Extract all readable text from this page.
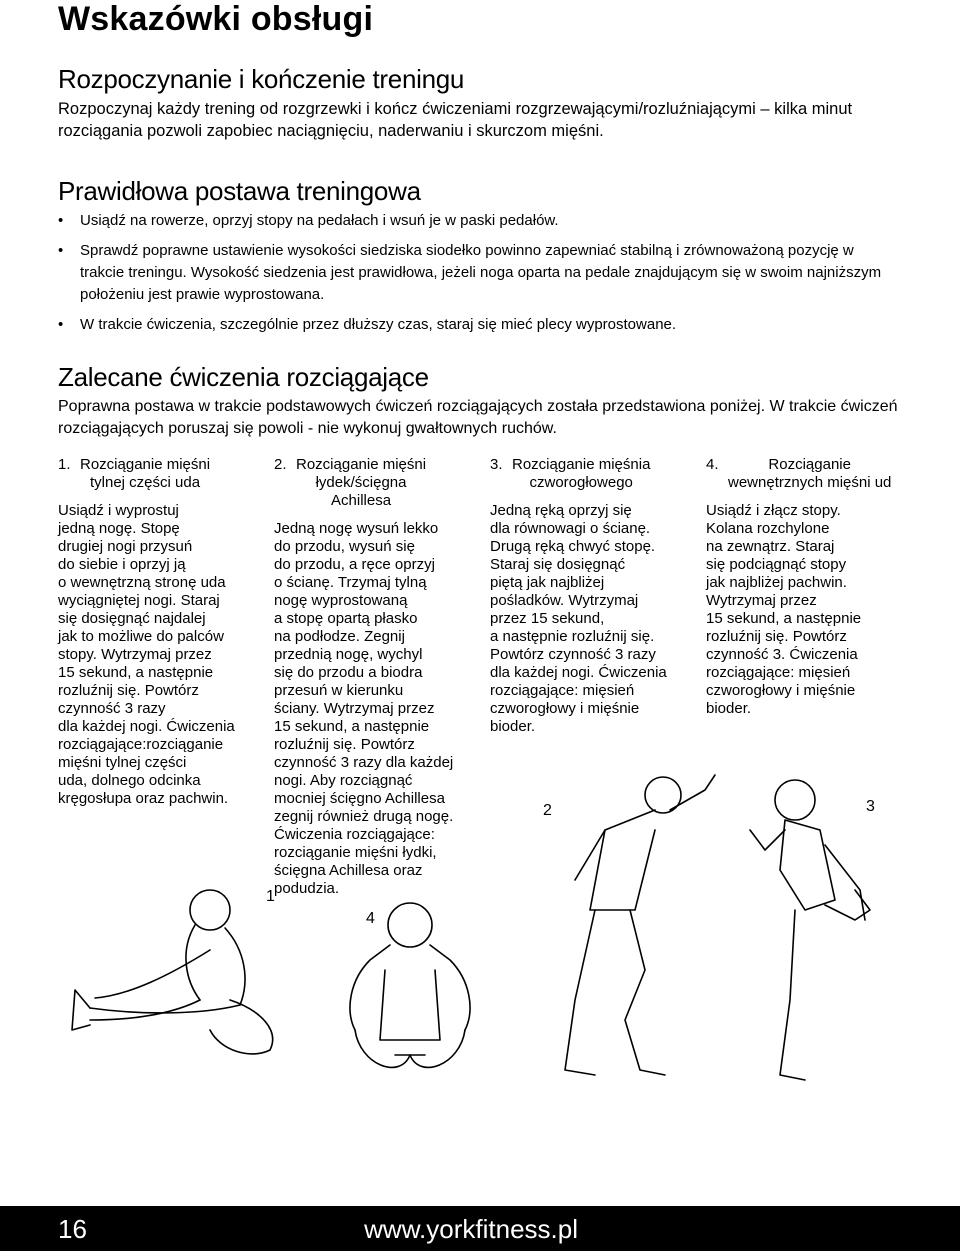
Wskazówki obsługi
Rozpoczynanie i kończenie treningu

Rozpoczynaj każdy trening od rozgrzewki i kończ ćwiczeniami rozgrzewającymi/rozluźniającymi – kilka minut rozciągania pozwoli zapobiec naciągnięciu, naderwaniu i skurczom mięśni.

Prawidłowa postawa treningowa
• Usiądź na rowerze, oprzyj stopy na pedałach i wsuń je w paski pedałów.
• Sprawdź poprawne ustawienie wysokości siedziska siodełko powinno zapewniać stabilną i zrównoważoną pozycję w trakcie treningu. Wysokość siedzenia jest prawidłowa, jeżeli noga oparta na pedale znajdującym się w swoim najniższym położeniu jest prawie wyprostowana.
• W trakcie ćwiczenia, szczególnie przez dłuższy czas, staraj się mieć plecy wyprostowane.
Zalecane ćwiczenia rozciągające

Poprawna postawa w trakcie podstawowych ćwiczeń rozciągających została przedstawiona poniżej. W trakcie ćwiczeń rozciągających poruszaj się powoli - nie wykonuj gwałtownych ruchów.

1. Rozciąganie mięśni
tylnej części uda
Usiądź i wyprostuj
jedną nogę. Stopę
drugiej nogi przysuń
do siebie i oprzyj ją
o wewnętrzną stronę uda
wyciągniętej nogi. Staraj
się dosięgnąć najdalej
jak to możliwe do palców
stopy. Wytrzymaj przez
15 sekund, a następnie
rozluźnij się. Powtórz
czynność 3 razy
dla każdej nogi. Ćwiczenia
rozciągające:rozciąganie
mięśni tylnej części
uda, dolnego odcinka
kręgosłupa oraz pachwin.
2. Rozciąganie mięśni
łydek/ścięgna
Achillesa
Jedną nogę wysuń lekko
do przodu, wysuń się
do przodu, a ręce oprzyj
o ścianę. Trzymaj tylną
nogę wyprostowaną
a stopę opartą płasko
na podłodze. Zegnij
przednią nogę, wychyl
się do przodu a biodra
przesuń w kierunku
ściany. Wytrzymaj przez
15 sekund, a następnie
rozluźnij się. Powtórz
czynność 3 razy dla każdej
nogi. Aby rozciągnąć
mocniej ścięgno Achillesa
zegnij również drugą nogę.
Ćwiczenia rozciągające:
rozciąganie mięśni łydki,
ścięgna Achillesa oraz
podudzia.
3. Rozciąganie mięśnia
czworogłowego
Jedną ręką oprzyj się
dla równowagi o ścianę.
Drugą ręką chwyć stopę.
Staraj się dosięgnąć
piętą jak najbliżej
pośladków. Wytrzymaj
przez 15 sekund,
a następnie rozluźnij się.
Powtórz czynność 3 razy
dla każdej nogi. Ćwiczenia
rozciągające: mięsień
czworogłowy i mięśnie
bioder.
4.	Rozciąganie
wewnętrznych mięśni ud
Usiądź i złącz stopy.
Kolana rozchylone
na zewnątrz. Staraj
się podciągnąć stopy
jak najbliżej pachwin.
Wytrzymaj przez
15 sekund, a następnie
rozluźnij się. Powtórz
czynność 3. Ćwiczenia
rozciągające: mięsień
czworogłowy i mięśnie
bioder.
1
2	3
4
16	www.yorkfitness.pl
